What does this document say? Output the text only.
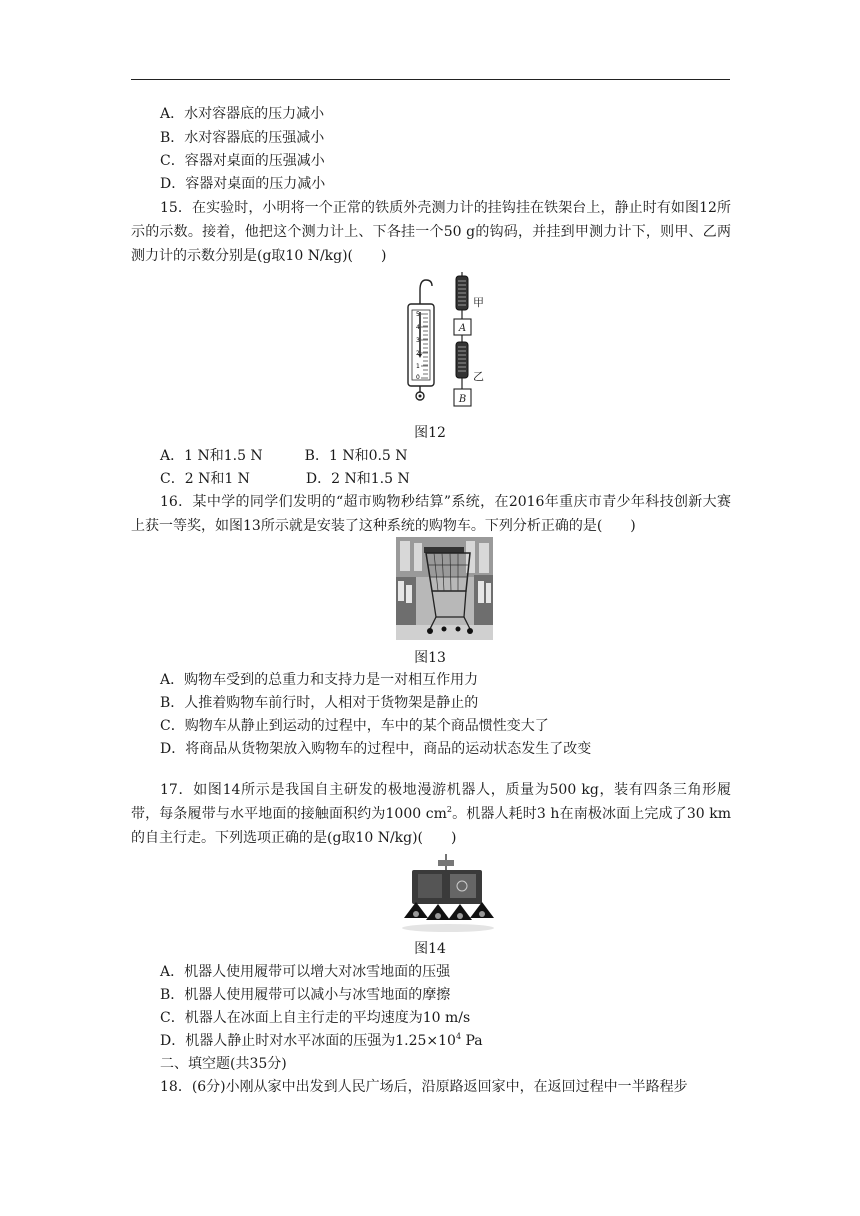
A．水对容器底的压力减小
B．水对容器底的压强减小
C．容器对桌面的压强减小
D．容器对桌面的压力减小
15．在实验时，小明将一个正常的铁质外壳测力计的挂钩挂在铁架台上，静止时有如图12所示的示数。接着，他把这个测力计上、下各挂一个50 g的钩码，并挂到甲测力计下，则甲、乙两测力计的示数分别是(g取10 N/kg)(　　)
0
1
2
3
4
5
甲
A
乙
B
图12
A．1 N和1.5 N　　　B．1 N和0.5 N
C．2 N和1 N　　　　D．2 N和1.5 N
16．某中学的同学们发明的“超市购物秒结算”系统，在2016年重庆市青少年科技创新大赛上获一等奖，如图13所示就是安装了这种系统的购物车。下列分析正确的是(　　)
图13
A．购物车受到的总重力和支持力是一对相互作用力
B．人推着购物车前行时，人相对于货物架是静止的
C．购物车从静止到运动的过程中，车中的某个商品惯性变大了
D．将商品从货物架放入购物车的过程中，商品的运动状态发生了改变
17．如图14所示是我国自主研发的极地漫游机器人，质量为500 kg，装有四条三角形履带，每条履带与水平地面的接触面积约为1000 $cm^2$。机器人耗时3 h在南极冰面上完成了30 km的自主行走。下列选项正确的是(g取10 N/kg)(　　)
图14
A．机器人使用履带可以增大对冰雪地面的压强
B．机器人使用履带可以减小与冰雪地面的摩擦
C．机器人在冰面上自主行走的平均速度为10 m/s
D．机器人静止时对水平冰面的压强为$1.25\times 10^4$ Pa
二、填空题(共35分)
18．(6分)小刚从家中出发到人民广场后，沿原路返回家中，在返回过程中一半路程步
